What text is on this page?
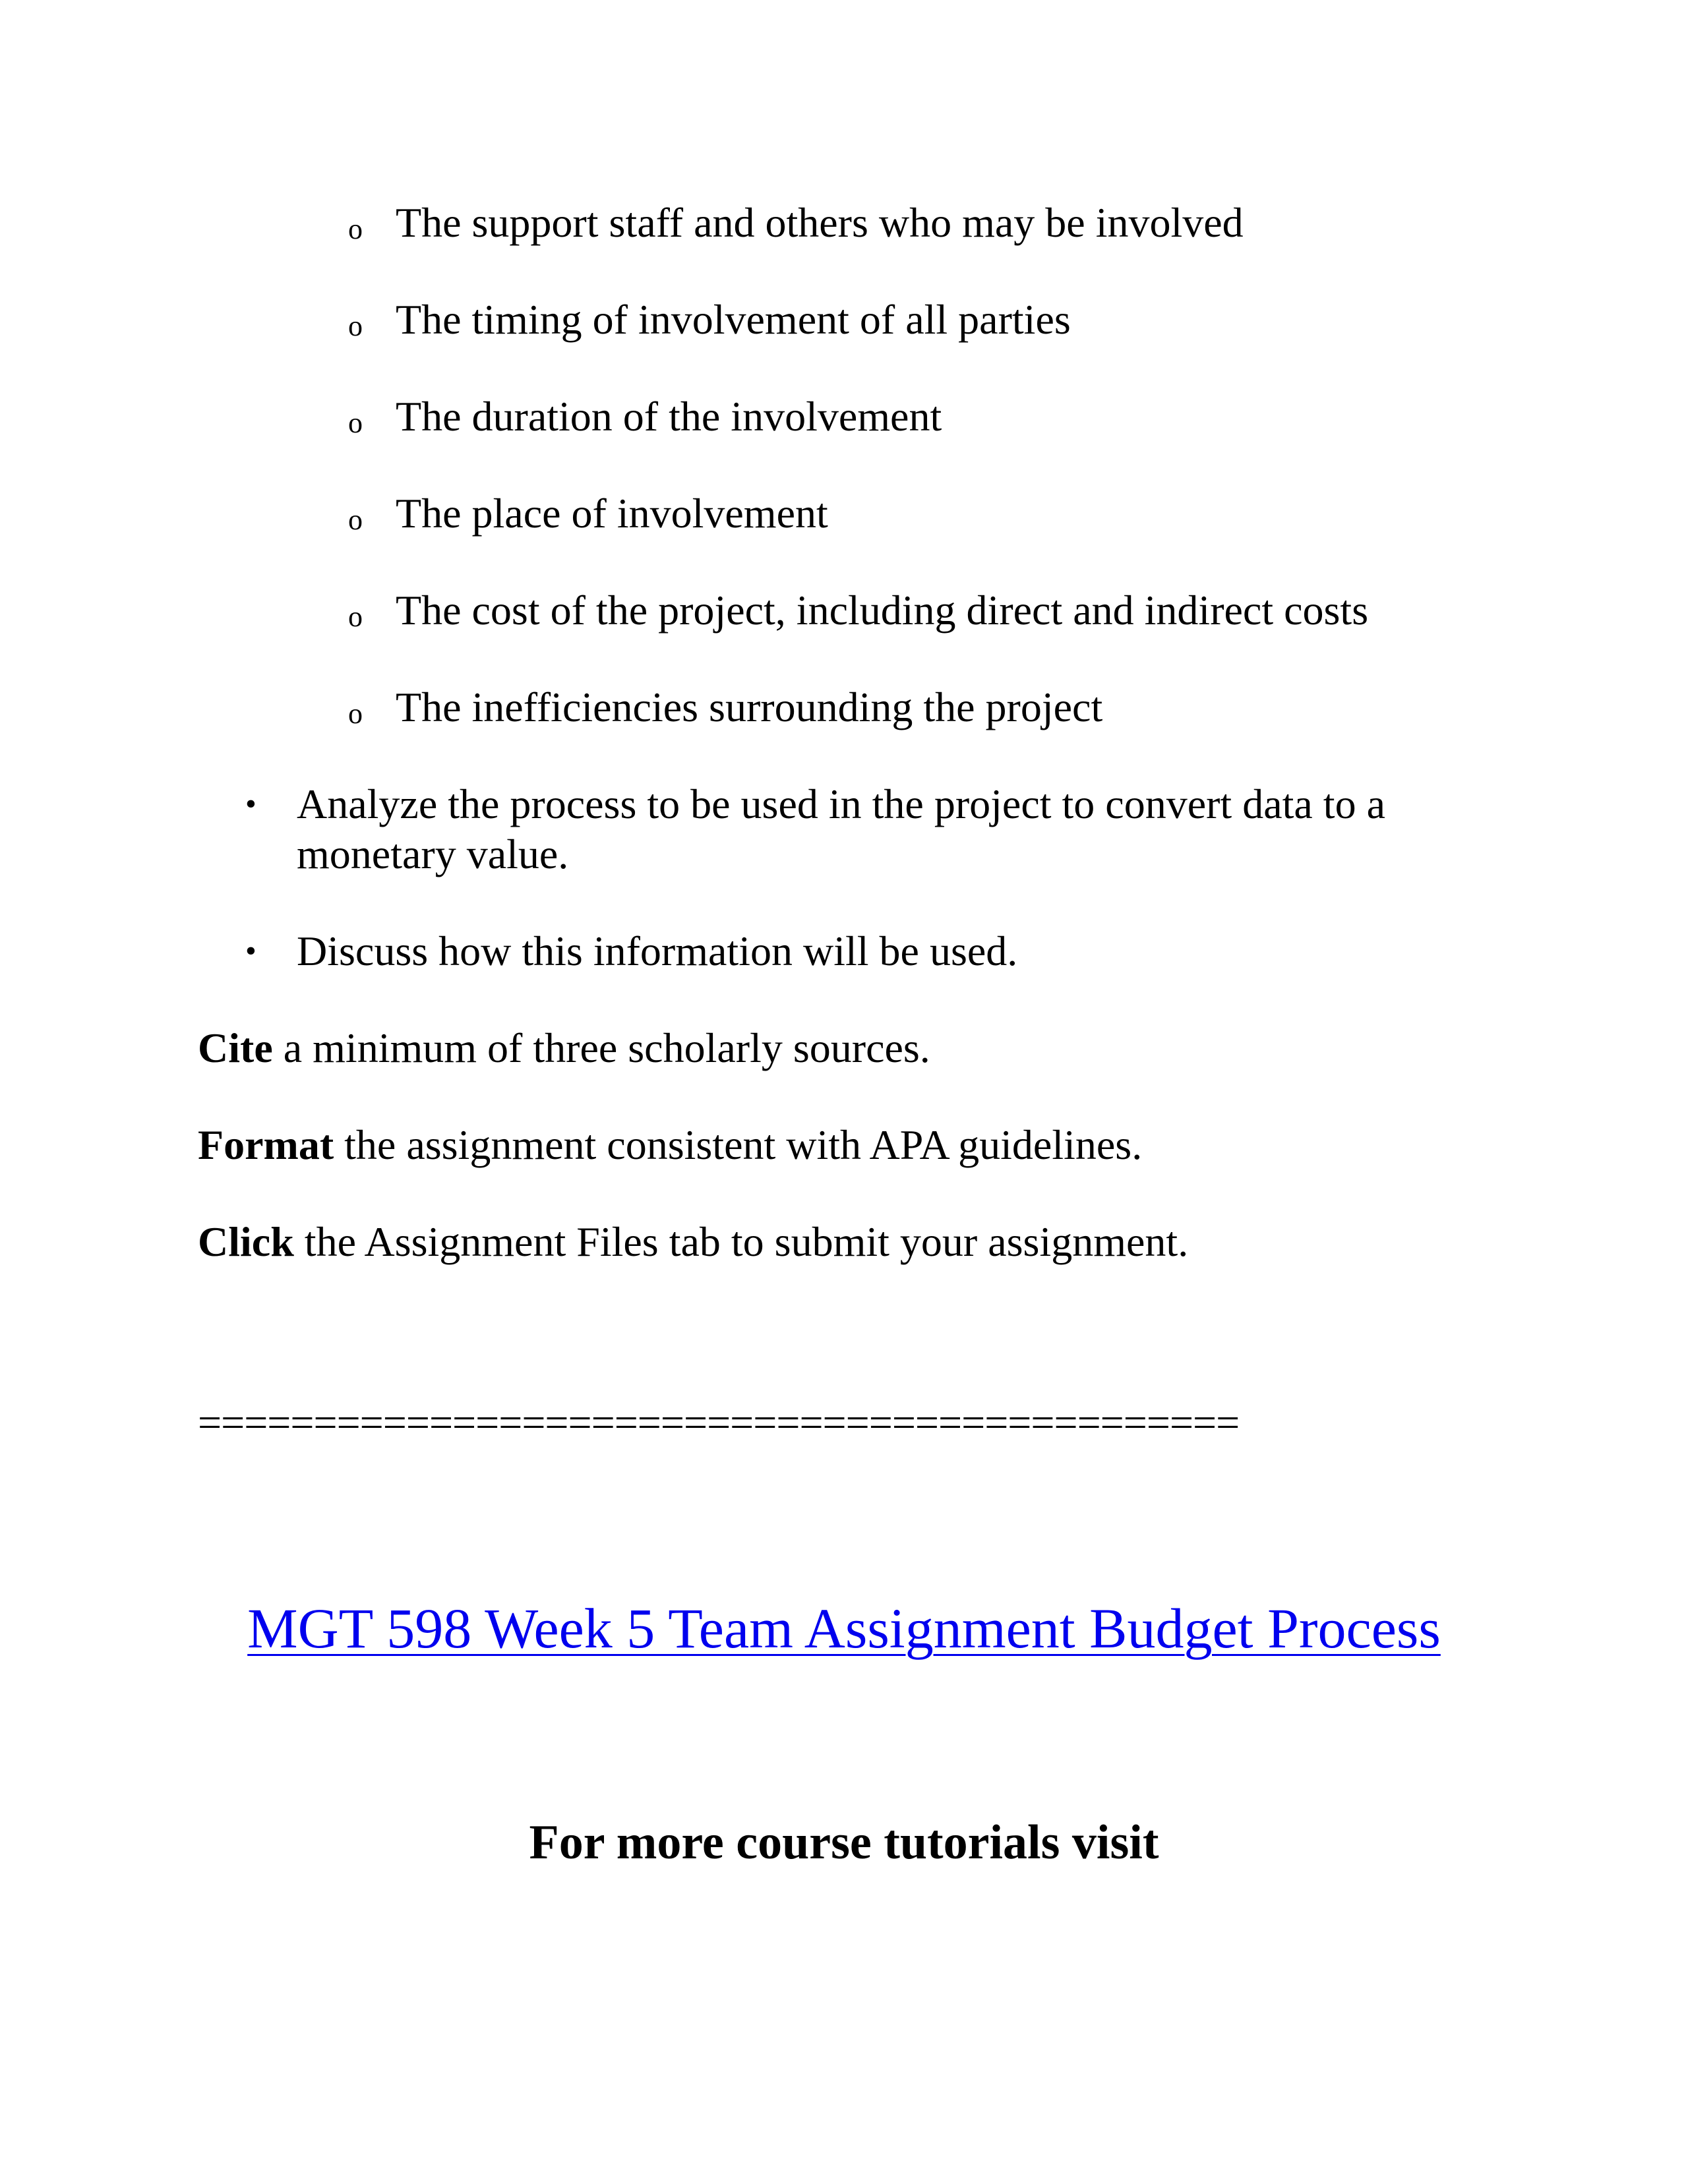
o The support staff and others who may be involved
o The timing of involvement of all parties
o The duration of the involvement
o The place of involvement
o The cost of the project, including direct and indirect costs
o The inefficiencies surrounding the project
• Analyze the process to be used in the project to convert data to a monetary value.
• Discuss how this information will be used.
Cite a minimum of three scholarly sources.
Format the assignment consistent with APA guidelines.
Click the Assignment Files tab to submit your assignment.
=============================================
MGT 598 Week 5 Team Assignment Budget Process
For more course tutorials visit
